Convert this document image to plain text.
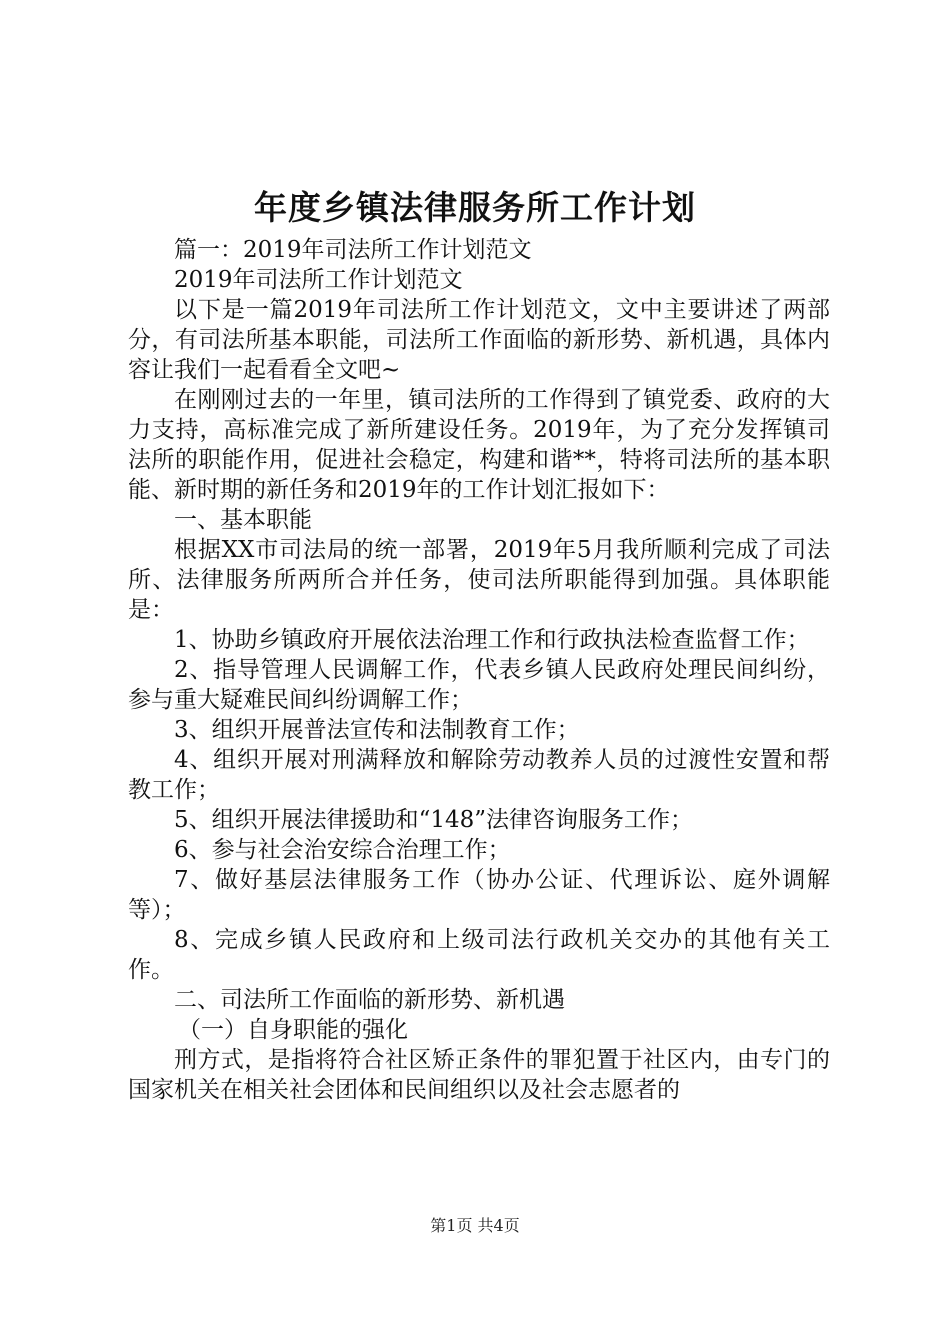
年度乡镇法律服务所工作计划

篇一：2019年司法所工作计划范文

2019年司法所工作计划范文

以下是一篇2019年司法所工作计划范文，文中主要讲述了两部分，有司法所基本职能，司法所工作面临的新形势、新机遇，具体内容让我们一起看看全文吧~

在刚刚过去的一年里，镇司法所的工作得到了镇党委、政府的大力支持，高标准完成了新所建设任务。2019年，为了充分发挥镇司法所的职能作用，促进社会稳定，构建和谐**，特将司法所的基本职能、新时期的新任务和2019年的工作计划汇报如下：

一、基本职能

根据XX市司法局的统一部署，2019年5月我所顺利完成了司法所、法律服务所两所合并任务，使司法所职能得到加强。具体职能是：

1、协助乡镇政府开展依法治理工作和行政执法检查监督工作；

2、指导管理人民调解工作，代表乡镇人民政府处理民间纠纷，参与重大疑难民间纠纷调解工作；

3、组织开展普法宣传和法制教育工作；

4、组织开展对刑满释放和解除劳动教养人员的过渡性安置和帮教工作；

5、组织开展法律援助和“148”法律咨询服务工作；

6、参与社会治安综合治理工作；

7、做好基层法律服务工作（协办公证、代理诉讼、庭外调解等）；

8、完成乡镇人民政府和上级司法行政机关交办的其他有关工作。

二、司法所工作面临的新形势、新机遇

（一）自身职能的强化

刑方式，是指将符合社区矫正条件的罪犯置于社区内，由专门的国家机关在相关社会团体和民间组织以及社会志愿者的

第1页 共4页
